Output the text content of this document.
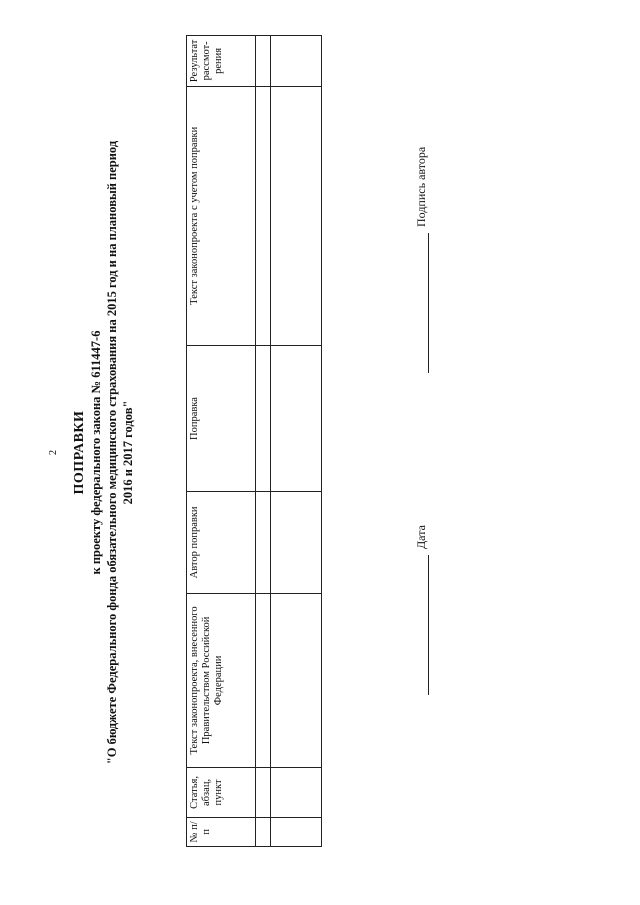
2 ПОПРАВКИ к проекту федерального закона № 611447-6 "О бюджете Федерального фонда обязательного медицинского страхования на 2015 год и на плановый период 2016 и 2017 годов"
№ п/п	Статья, абзац, пункт	Текст законопроекта, внесенного Правительством Российской Федерации	Автор поправки	Поправка	Текст законопроекта с учетом поправки	Результат рассмот-рения

Дата
Подпись автора
